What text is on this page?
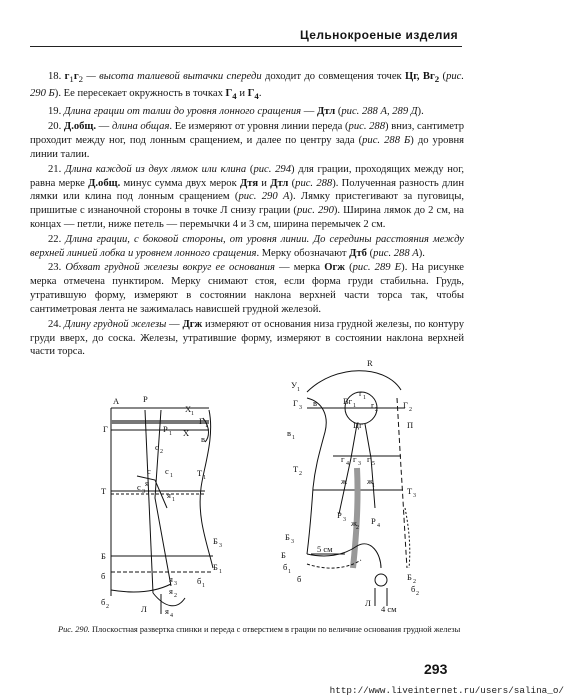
Цельнокроеные изделия

18. $г_1г_2$ — высота талиевой вытачки спереди доходит до совмещения точек Цг, $Вг_2$ (рис. 290 Б). Ее пересекает окружность в точках $Г_4$ и $Г_4$.

19. Длина грации от талии до уровня лонного сращения — Дтл (рис. 288 А, 289 Д).

20. Д.общ. — длина общая. Ее измеряют от уровня линии переда (рис. 288) вниз, сантиметр проходит между ног, под лонным сращением, и далее по центру зада (рис. 288 Б) до уровня линии талии.

21. Длина каждой из двух лямок или клина (рис. 294) для грации, проходящих между ног, равна мерке Д.общ. минус сумма двух мерок Дтя и Дтл (рис. 288). Полученная разность длин лямки или клина под лонным сращением (рис. 290 А). Лямку пристегивают за пуговицы, пришитые с изнаночной стороны в точке Л снизу грации (рис. 290). Ширина лямок до 2 см, на концах — петли, ниже петель — перемычки 4 и 3 см, ширина перемычек 2 см.

22. Длина грации, с боковой стороны, от уровня линии. До середины расстояния между верхней линией лобка и уровнем лонного сращения. Мерку обозначают Дтб (рис. 288 А).

23. Обхват грудной железы вокруг ее основания — мерка Огж (рис. 289 Е). На рисунке мерка отмечена пунктиром. Мерку снимают стоя, если форма груди стабильна. Грудь, утратившую форму, измеряют в состоянии наклона верхней части торса так, чтобы сантиметровая лента не зажималась нависшей грудной железой.

24. Длину грудной железы — Дгж измеряют от основания низа грудной железы, по контуру груди вверх, до соска. Железы, утратившие форму, измеряют в состоянии наклона верхней части торса.

А	Р
Х 1
Г 1
Г	Р 1 Х
в
с 2
с с 1
с 3
я
я 1
Т
Т 1
Б 3
Б
Б 1
б	б 1
я 3
я 2
б 2	Л я 4
R
У 1
Г 3 в	Вг 1
r 1
r 2	Г 2
в 1
Цг	П
г 4 г 3 г 5
ж ж 1
Р 3 ж 2
Р 4
Т 2
Т 3
Б 3
5 см
Б
б 1
б	Б 2
б 2
Л
4 см
Рис. 290. Плоскостная развертка спинки и переда с отверстием в грации по величине основания грудной железы
293
http://www.liveinternet.ru/users/salina_o/
